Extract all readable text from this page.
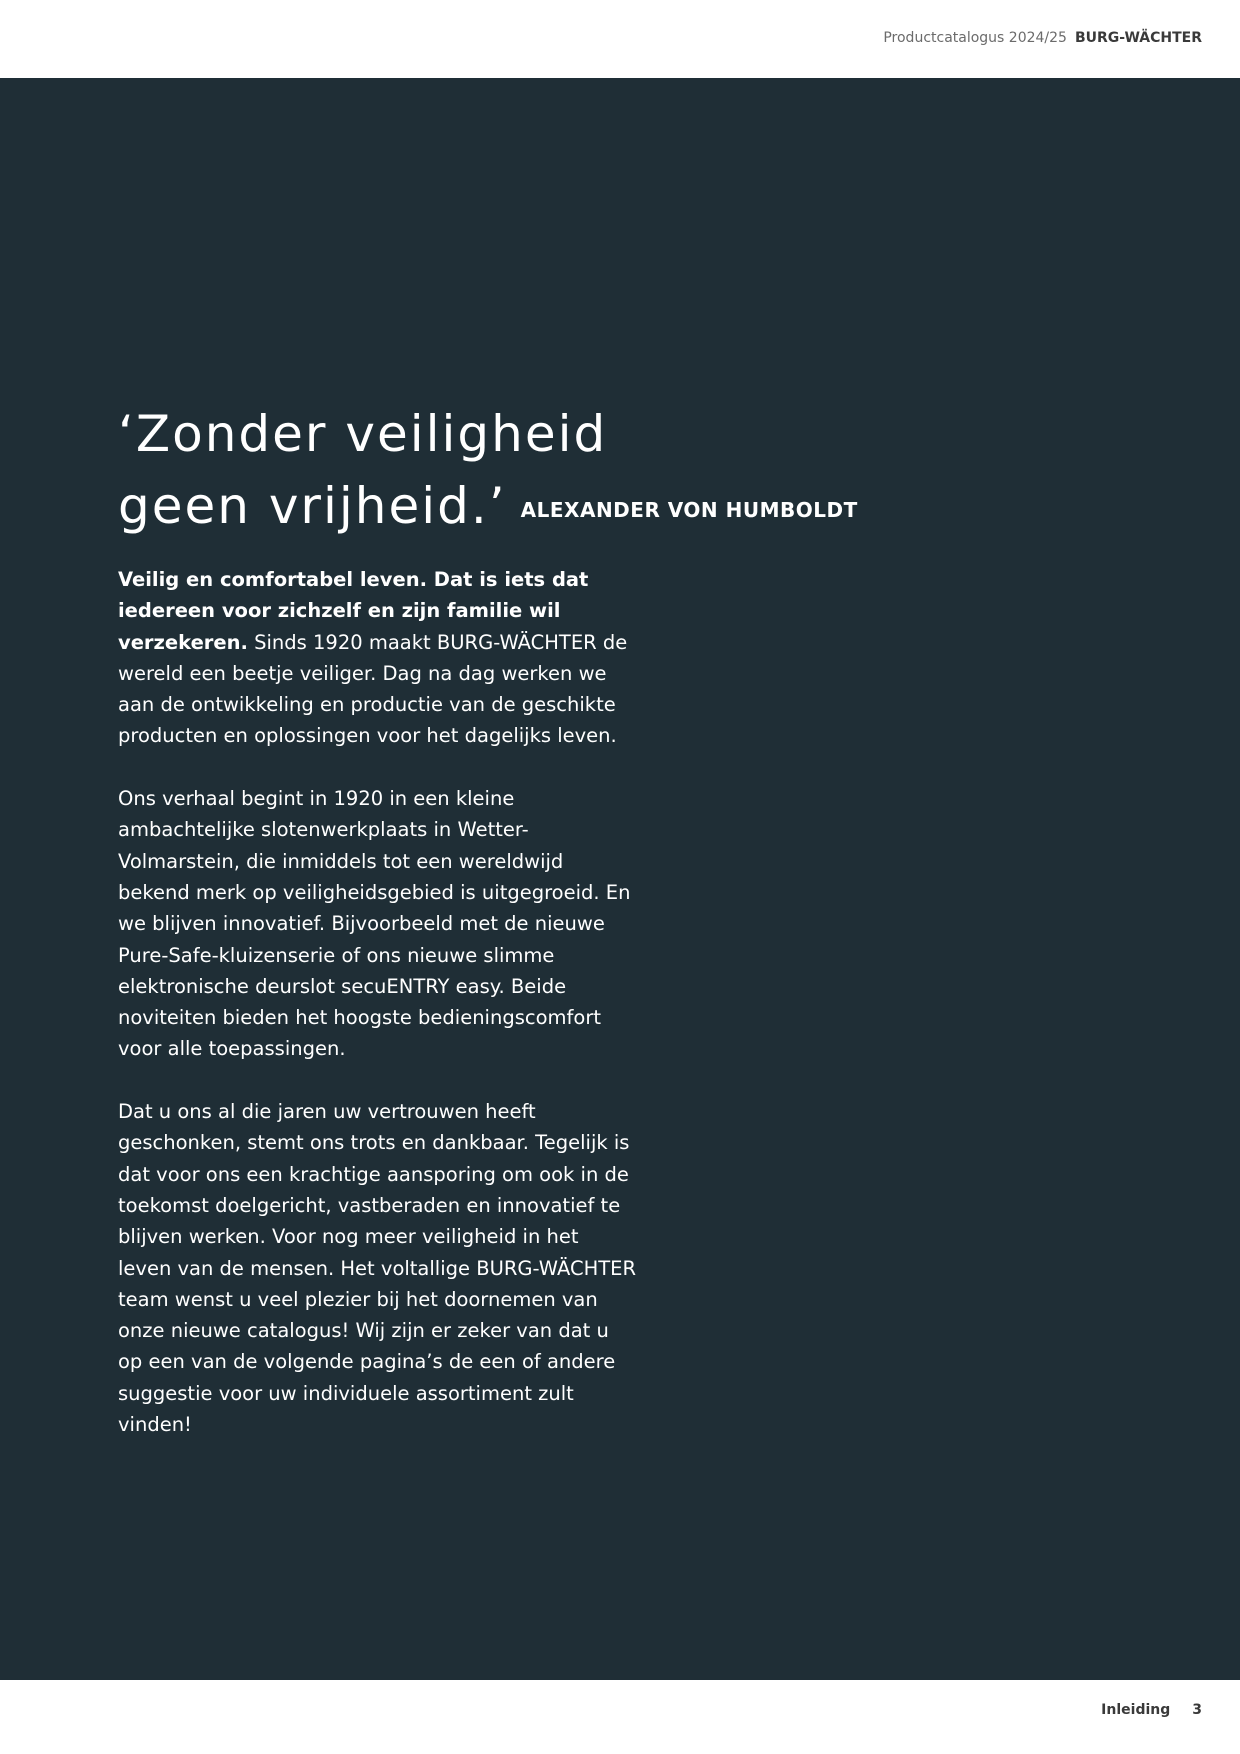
Productcatalogus 2024/25 BURG-WÄCHTER
‘Zonder veiligheid
geen vrijheid.’ ALEXANDER VON HUMBOLDT

Veilig en comfortabel leven. Dat is iets dat iedereen voor zichzelf en zijn familie wil verzekeren. Sinds 1920 maakt BURG-WÄCHTER de wereld een beetje veiliger. Dag na dag werken we aan de ontwikkeling en productie van de geschikte producten en oplossingen voor het dagelijks leven.

Ons verhaal begint in 1920 in een kleine ambachtelijke slotenwerkplaats in Wetter-Volmarstein, die inmiddels tot een wereldwijd bekend merk op veiligheidsgebied is uitgegroeid. En we blijven innovatief. Bijvoorbeeld met de nieuwe Pure-Safe-kluizenserie of ons nieuwe slimme elektronische deurslot secuENTRY easy. Beide noviteiten bieden het hoogste bedieningscomfort voor alle toepassingen.

Dat u ons al die jaren uw vertrouwen heeft geschonken, stemt ons trots en dankbaar. Tegelijk is dat voor ons een krachtige aansporing om ook in de toekomst doelgericht, vastberaden en innovatief te blijven werken. Voor nog meer veiligheid in het leven van de mensen. Het voltallige BURG-WÄCHTER team wenst u veel plezier bij het doornemen van onze nieuwe catalogus! Wij zijn er zeker van dat u op een van de volgende pagina’s de een of andere suggestie voor uw individuele assortiment zult vinden!

Inleiding 3
